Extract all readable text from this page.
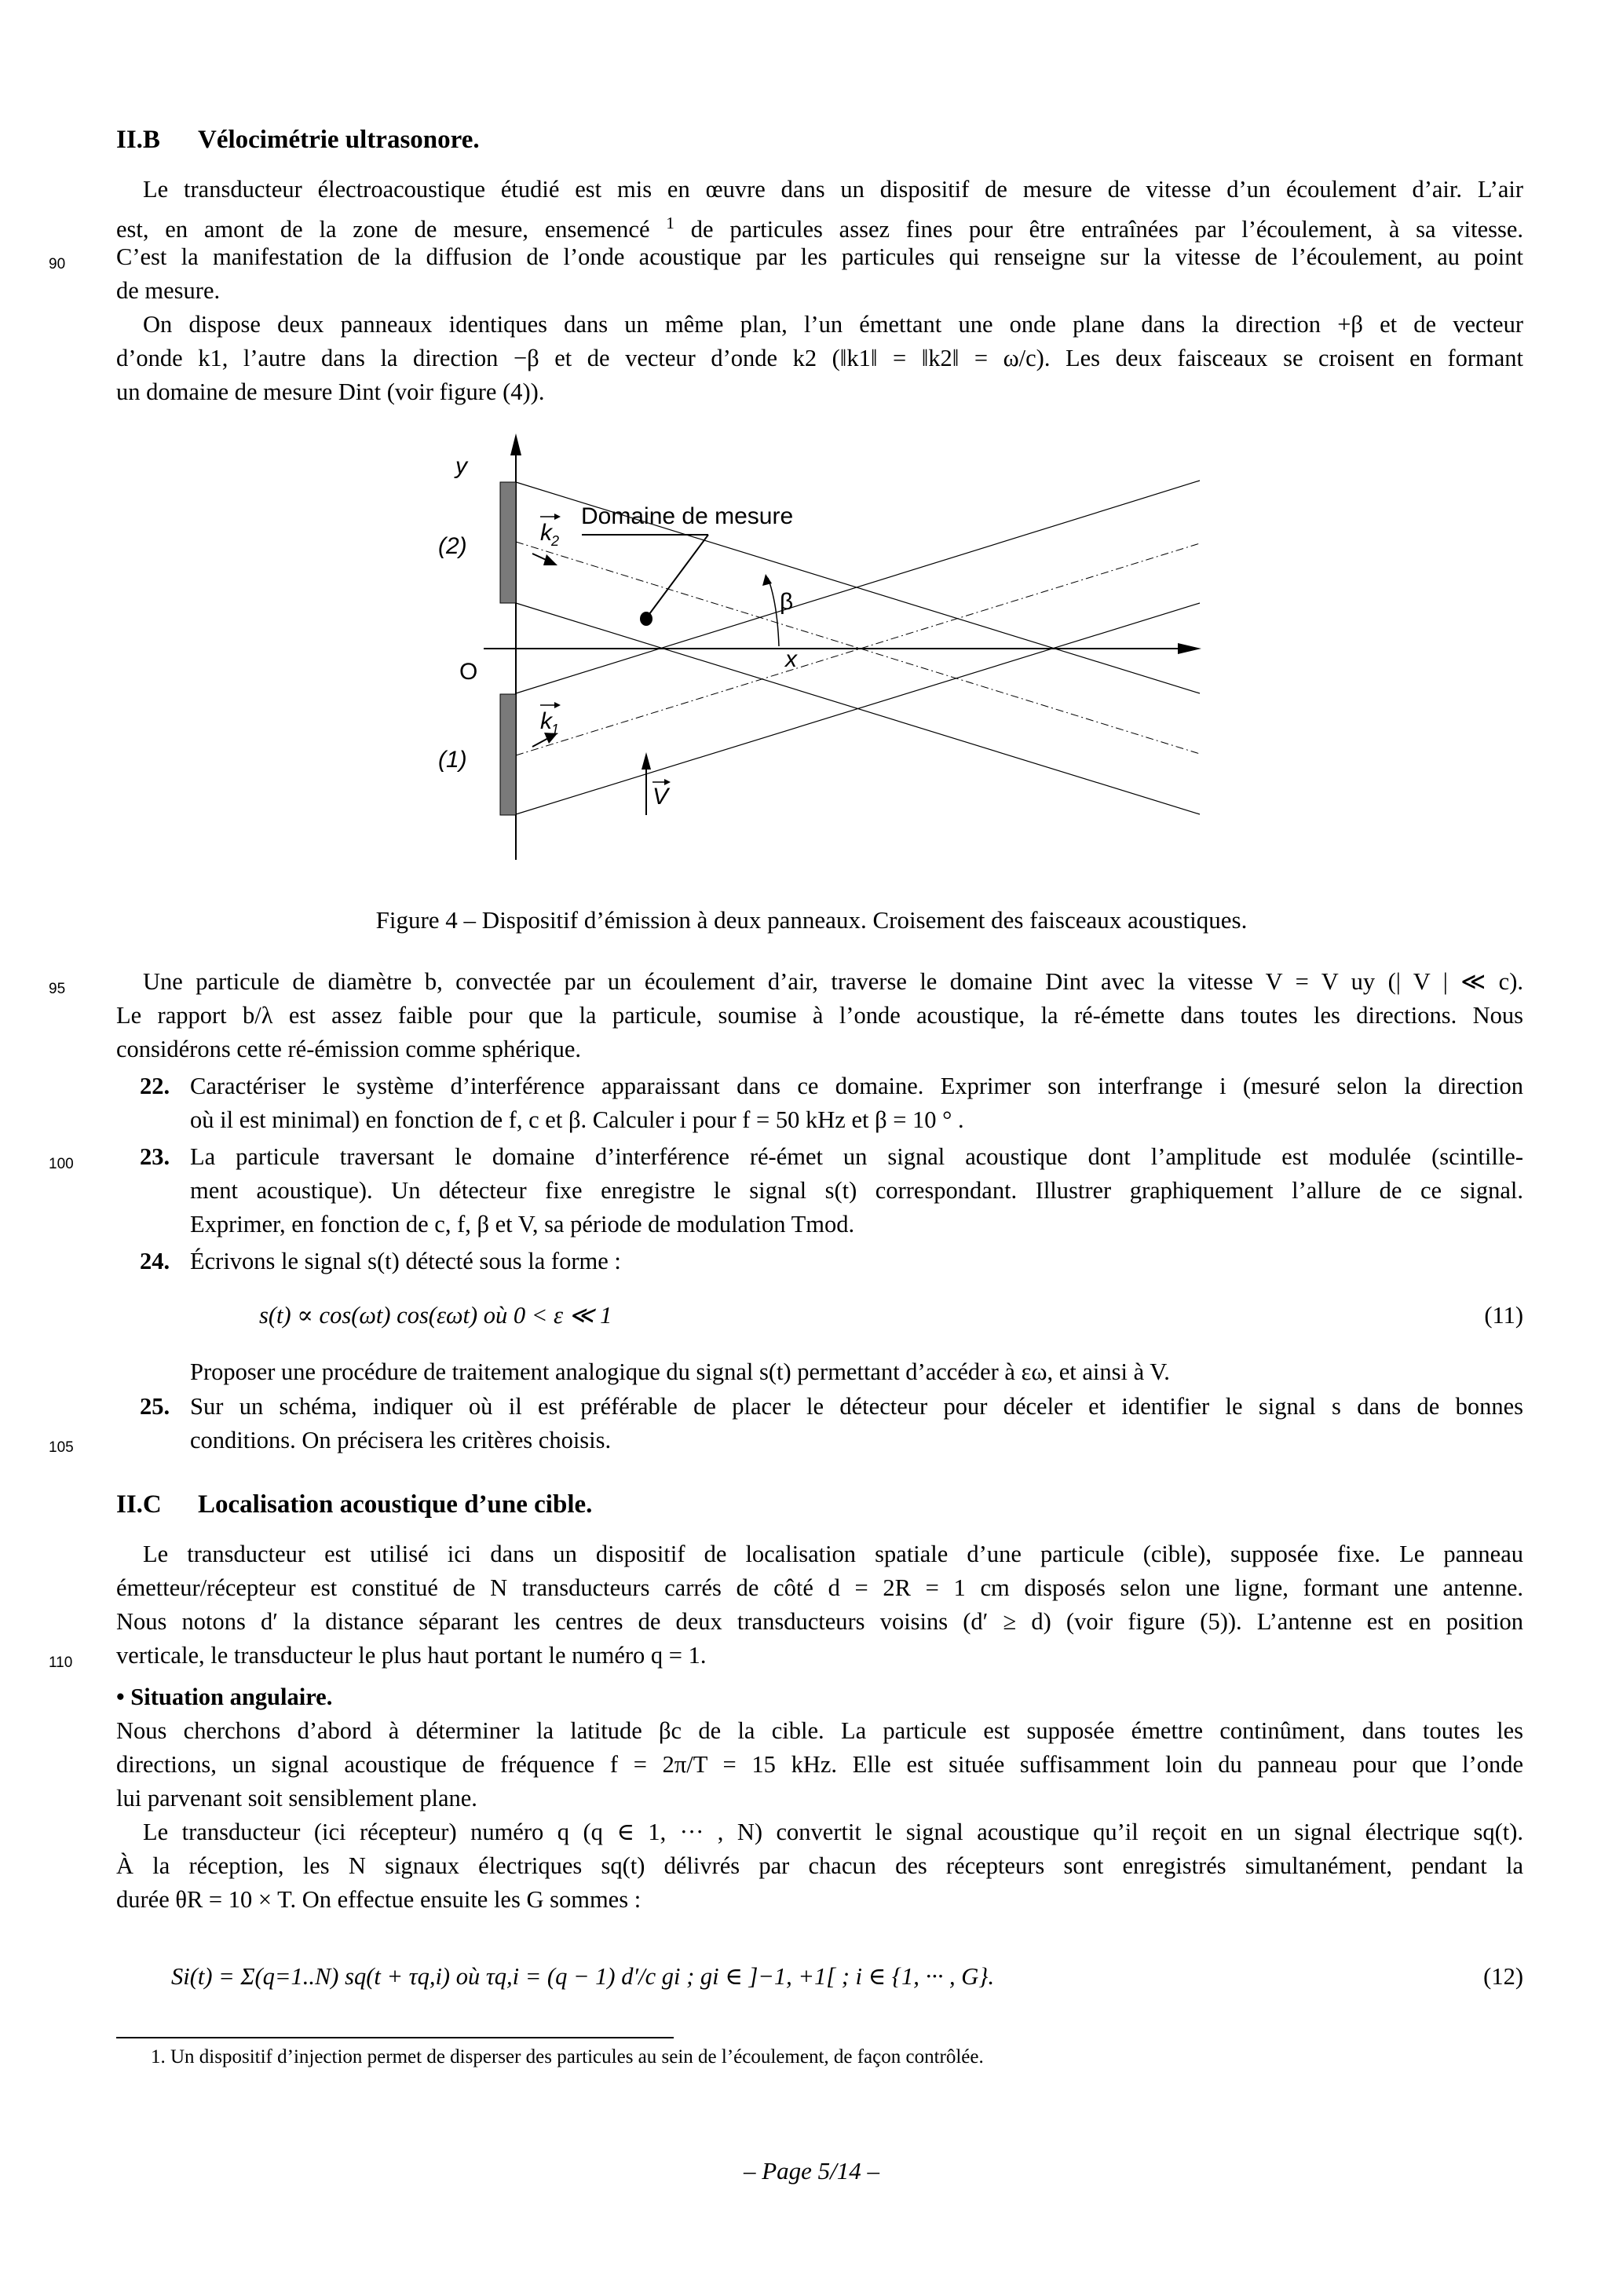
II.B Vélocimétrie ultrasonore.
Le transducteur électroacoustique étudié est mis en œuvre dans un dispositif de mesure de vitesse d’un écoulement d’air. L’air
est, en amont de la zone de mesure, ensemencé $^1$ de particules assez fines pour être entraînées par l’écoulement, à sa vitesse.
90 C’est la manifestation de la diffusion de l’onde acoustique par les particules qui renseigne sur la vitesse de l’écoulement, au point
de mesure.
On dispose deux panneaux identiques dans un même plan, l’un émettant une onde plane dans la direction +β et de vecteur
d’onde k1, l’autre dans la direction −β et de vecteur d’onde k2 (‖k1‖ = ‖k2‖ = ω/c). Les deux faisceaux se croisent en formant
un domaine de mesure Dint (voir figure (4)).
y
x
O
(2)
(1)
k 2
k 1
V
β
Domaine de mesure
Figure 4 – Dispositif d’émission à deux panneaux. Croisement des faisceaux acoustiques.
95	Une particule de diamètre b, convectée par un écoulement d’air, traverse le domaine Dint avec la vitesse V = V uy (| V | ≪ c).
Le rapport b/λ est assez faible pour que la particule, soumise à l’onde acoustique, la ré-émette dans toutes les directions. Nous
considérons cette ré-émission comme sphérique.
22. Caractériser le système d’interférence apparaissant dans ce domaine. Exprimer son interfrange i (mesuré selon la direction
où il est minimal) en fonction de f, c et β. Calculer i pour f = 50 kHz et β = 10 ° .
100	23. La particule traversant le domaine d’interférence ré-émet un signal acoustique dont l’amplitude est modulée (scintille-
ment acoustique). Un détecteur fixe enregistre le signal s(t) correspondant. Illustrer graphiquement l’allure de ce signal.
Exprimer, en fonction de c, f, β et V, sa période de modulation Tmod.
24. Écrivons le signal s(t) détecté sous la forme :
s(t) ∝ cos(ωt) cos(εωt) où 0 < ε ≪ 1	(11)
Proposer une procédure de traitement analogique du signal s(t) permettant d’accéder à εω, et ainsi à V.
25. Sur un schéma, indiquer où il est préférable de placer le détecteur pour déceler et identifier le signal s dans de bonnes
105	conditions. On précisera les critères choisis.
II.C Localisation acoustique d’une cible.
Le transducteur est utilisé ici dans un dispositif de localisation spatiale d’une particule (cible), supposée fixe. Le panneau
émetteur/récepteur est constitué de N transducteurs carrés de côté d = 2R = 1 cm disposés selon une ligne, formant une antenne.
Nous notons d′ la distance séparant les centres de deux transducteurs voisins (d′ ≥ d) (voir figure (5)). L’antenne est en position
110 verticale, le transducteur le plus haut portant le numéro q = 1.
• Situation angulaire.
Nous cherchons d’abord à déterminer la latitude βc de la cible. La particule est supposée émettre continûment, dans toutes les
directions, un signal acoustique de fréquence f = 2π/T = 15 kHz. Elle est située suffisamment loin du panneau pour que l’onde
lui parvenant soit sensiblement plane.
Le transducteur (ici récepteur) numéro q (q ∈ 1, ··· , N) convertit le signal acoustique qu’il reçoit en un signal électrique sq(t).
À la réception, les N signaux électriques sq(t) délivrés par chacun des récepteurs sont enregistrés simultanément, pendant la
durée θR = 10 × T. On effectue ensuite les G sommes :
Si(t) = Σ(q=1..N) sq(t + τq,i) où τq,i = (q − 1) d′/c gi ; gi ∈ ]−1, +1[ ; i ∈ {1, ··· , G}.	(12)
1. Un dispositif d’injection permet de disperser des particules au sein de l’écoulement, de façon contrôlée.
– Page 5/14 –
